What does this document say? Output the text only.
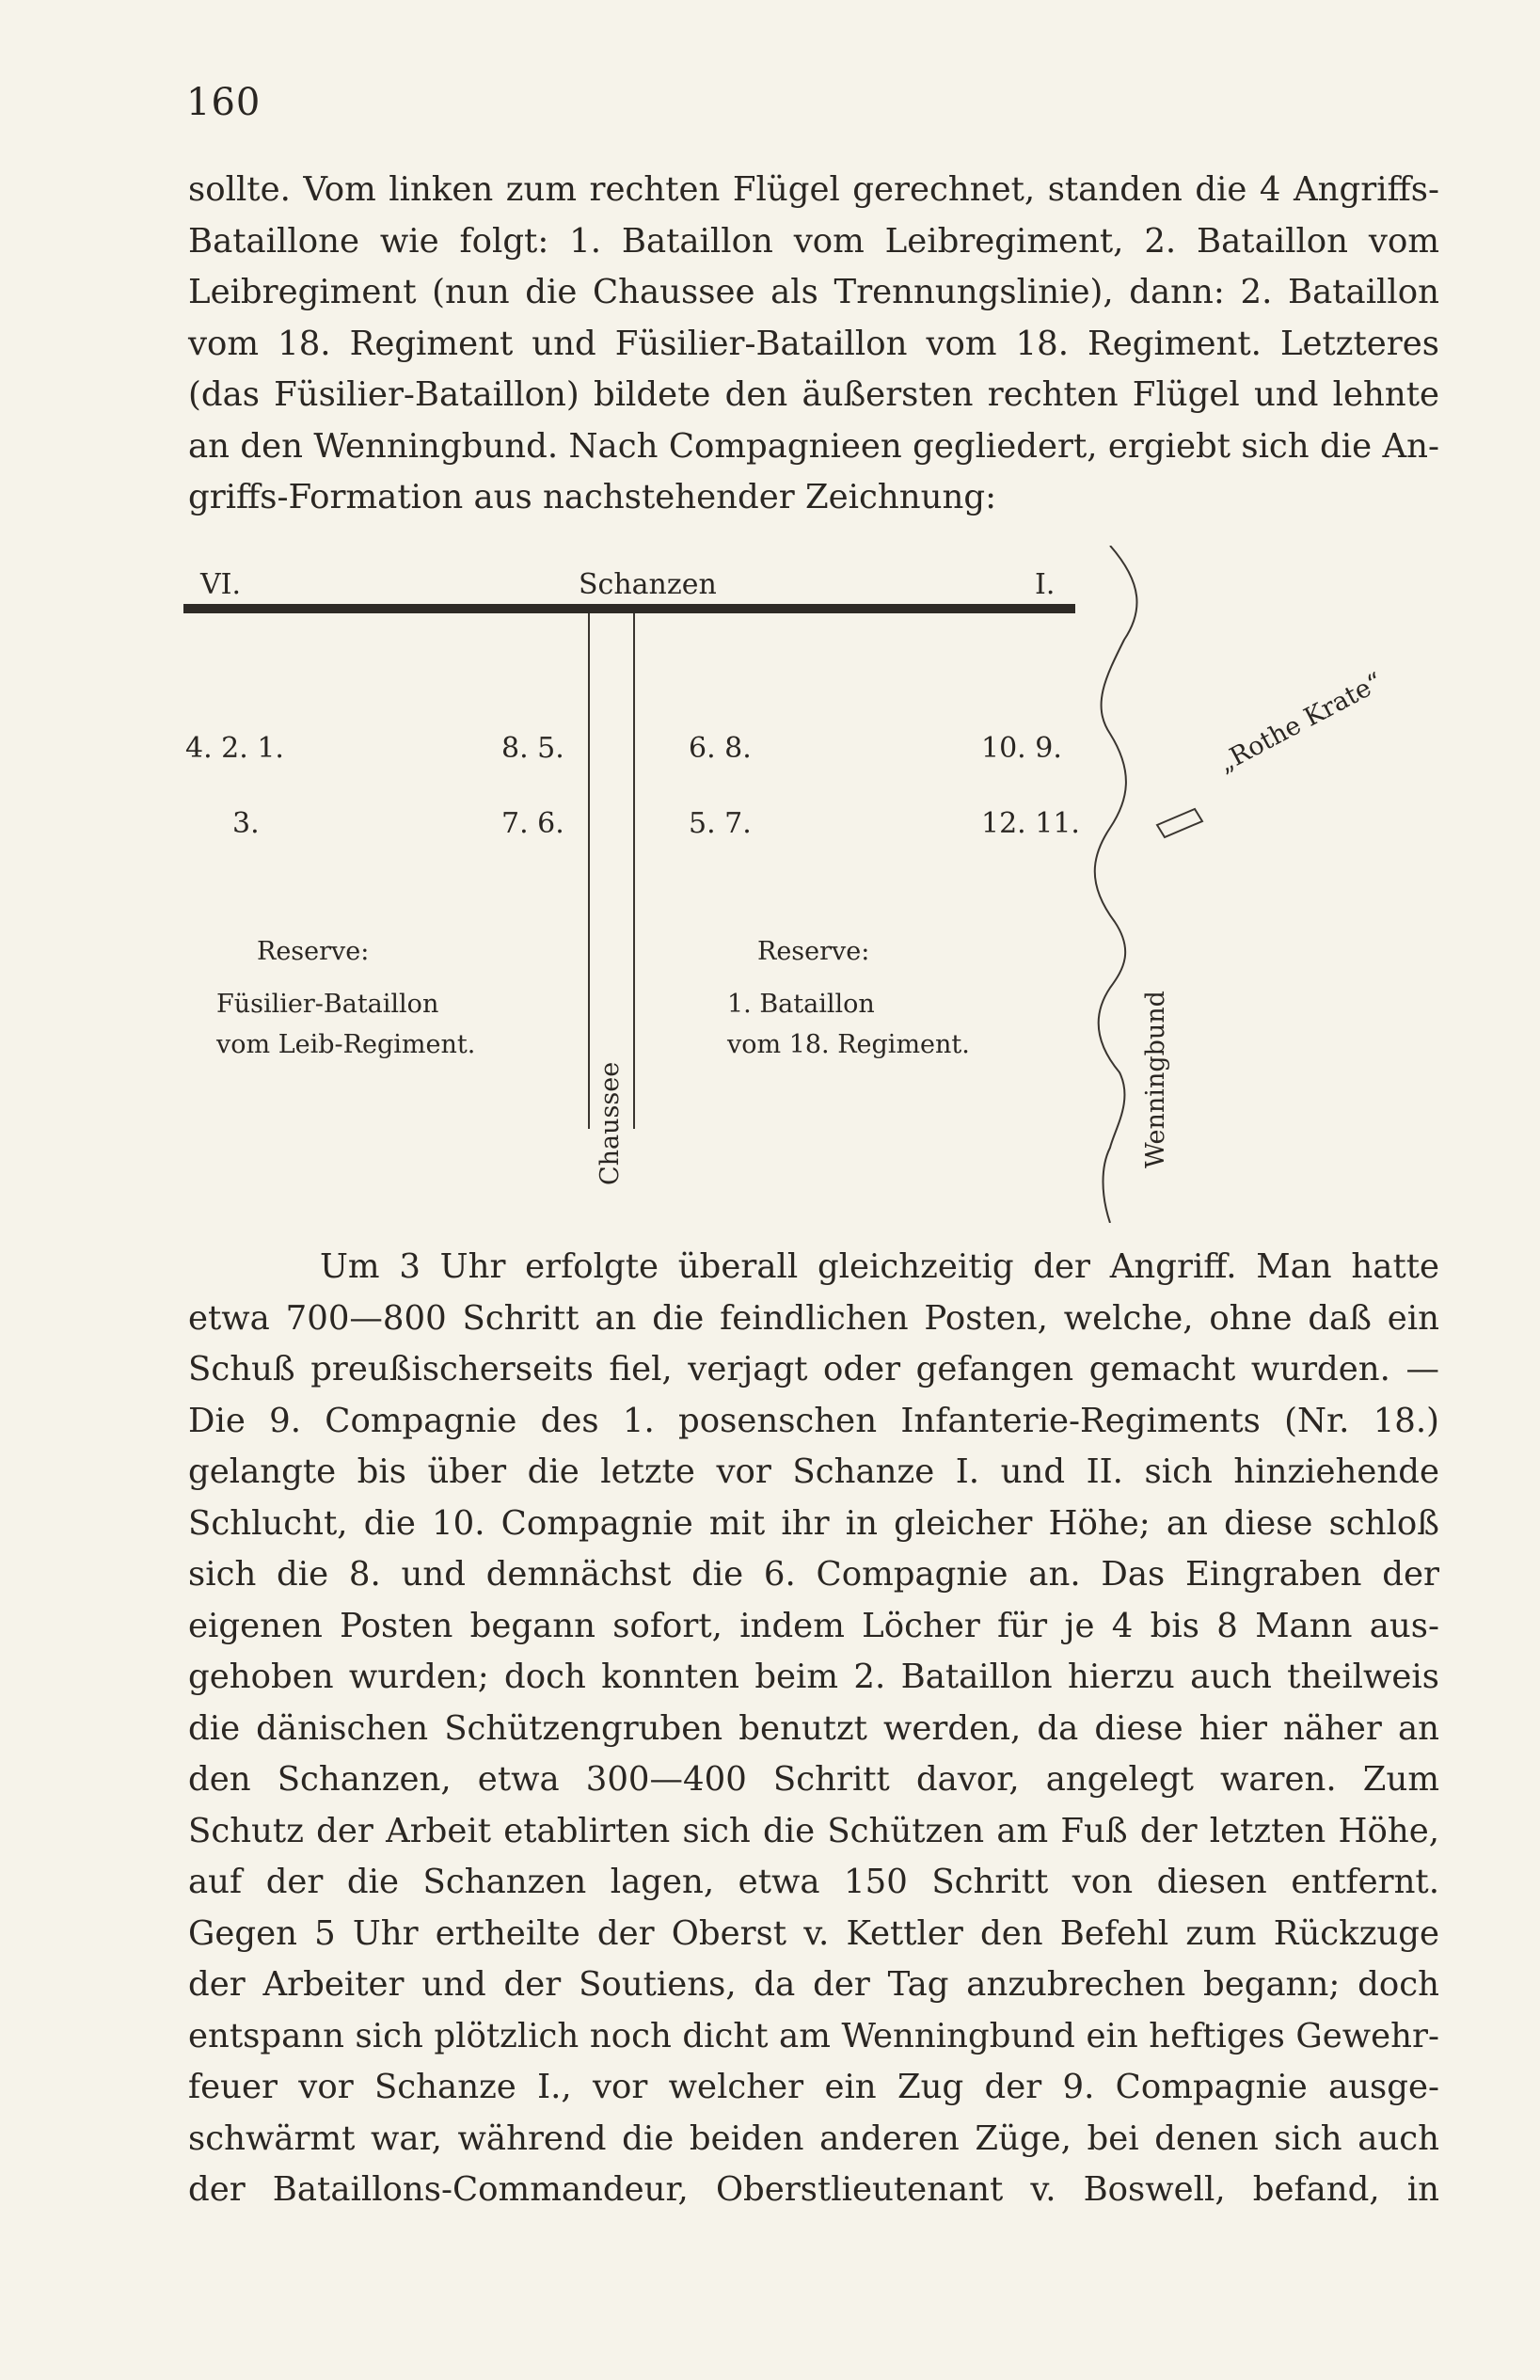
160
sollte. Vom linken zum rechten Flügel gerechnet, standen die 4 Angriffs-
Bataillone wie folgt: 1. Bataillon vom Leibregiment, 2. Bataillon vom
Leibregiment (nun die Chaussee als Trennungslinie), dann: 2. Bataillon
vom 18. Regiment und Füsilier-Bataillon vom 18. Regiment. Letzteres
(das Füsilier-Bataillon) bildete den äußersten rechten Flügel und lehnte
an den Wenningbund. Nach Compagnieen gegliedert, ergiebt sich die An-
griffs-Formation aus nachstehender Zeichnung:
VI.	Schanzen	I.
4. 2. 1.	8. 5.
3.	7. 6.
6. 8.	10. 9.
5. 7.	12. 11.
Reserve:
Füsilier-Bataillon
vom Leib-Regiment.
Reserve:
1. Bataillon
vom 18. Regiment.
Chaussee	Wenningbund
„Rothe Krate“
Um 3 Uhr erfolgte überall gleichzeitig der Angriff. Man hatte
etwa 700—800 Schritt an die feindlichen Posten, welche, ohne daß ein
Schuß preußischerseits fiel, verjagt oder gefangen gemacht wurden. —
Die 9. Compagnie des 1. posenschen Infanterie-Regiments (Nr. 18.)
gelangte bis über die letzte vor Schanze I. und II. sich hinziehende
Schlucht, die 10. Compagnie mit ihr in gleicher Höhe; an diese schloß
sich die 8. und demnächst die 6. Compagnie an. Das Eingraben der
eigenen Posten begann sofort, indem Löcher für je 4 bis 8 Mann aus-
gehoben wurden; doch konnten beim 2. Bataillon hierzu auch theilweis
die dänischen Schützengruben benutzt werden, da diese hier näher an
den Schanzen, etwa 300—400 Schritt davor, angelegt waren. Zum
Schutz der Arbeit etablirten sich die Schützen am Fuß der letzten Höhe,
auf der die Schanzen lagen, etwa 150 Schritt von diesen entfernt.
Gegen 5 Uhr ertheilte der Oberst v. Kettler den Befehl zum Rückzuge
der Arbeiter und der Soutiens, da der Tag anzubrechen begann; doch
entspann sich plötzlich noch dicht am Wenningbund ein heftiges Gewehr-
feuer vor Schanze I., vor welcher ein Zug der 9. Compagnie ausge-
schwärmt war, während die beiden anderen Züge, bei denen sich auch
der Bataillons-Commandeur, Oberstlieutenant v. Boswell, befand, in
